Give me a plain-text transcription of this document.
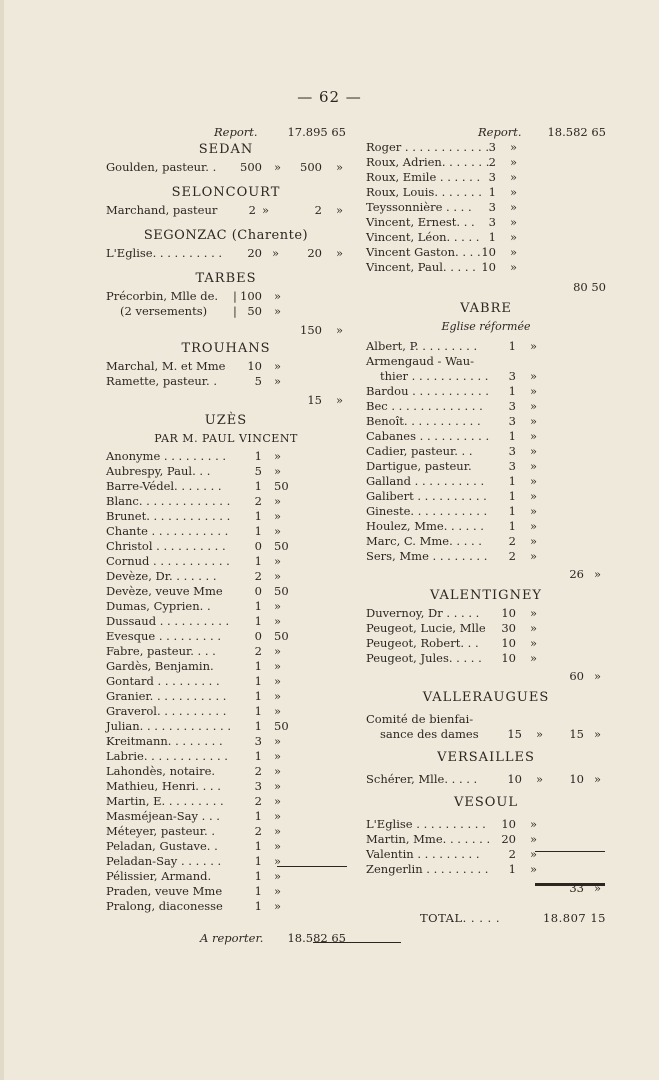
— 62 —
Report.	17.895 65
SEDAN
Goulden, pasteur. . 500 » 500 »
SELONCOURT
Marchand, pasteur	2 »	2 »
SEGONZAC (Charente)
L'Eglise. . . . . . . . . . 20 » 20 »
TARBES
Précorbin, Mlle de. | 100 »
(2 versements) | 50 »
150 »
TROUHANS
Marchal, M. et Mme 10 »
Ramette, pasteur. .	5 »
15 »
UZÈS
PAR M. PAUL VINCENT
Anonyme . . . . . . . . . 1 »
Aubrespy, Paul. . .	5 »
Barre-Védel. . . . . . .	1 50
Blanc. . . . . . . . . . . . . 2 »
Brunet. . . . . . . . . . . . 1 »
Chante . . . . . . . . . . . 1 »
Christol . . . . . . . . . .	0 50
Cornud . . . . . . . . . . . 1 »
Devèze, Dr. . . . . . .	2 »
Devèze, veuve Mme	0 50
Dumas, Cyprien. .	1 »
Dussaud . . . . . . . . . . 1 »
Evesque . . . . . . . . .	0 50
Fabre, pasteur. . . .	2 »
Gardès, Benjamin.	1 »
Gontard . . . . . . . . .	1 »
Granier. . . . . . . . . . . 1 »
Graverol. . . . . . . . . . 1 »
Julian. . . . . . . . . . . . . 1 50
Kreitmann. . . . . . . .	3 »
Labrie. . . . . . . . . . . . 1 »
Lahondès, notaire.	2 »
Mathieu, Henri. . . .	3 »
Martin, E. . . . . . . . .	2 »
Masméjean-Say . . .	1 »
Méteyer, pasteur. .	2 »
Peladan, Gustave. .	1 »
Peladan-Say . . . . . .	1 »
Pélissier, Armand.	1 »
Praden, veuve Mme	1 »
Pralong, diaconesse	1 »
A reporter. 18.582 65
Report. 18.582 65
Roger . . . . . . . . . . . . 3 »
Roux, Adrien. . . . . . . 2 »
Roux, Emile . . . . . . 3 »
Roux, Louis. . . . . . . 1 »
Teyssonnière . . . . 3 »
Vincent, Ernest. . . 3 »
Vincent, Léon. . . . . 1 »
Vincent Gaston. . . . 10 »
Vincent, Paul. . . . . 10 »
80 50
VABRE
Eglise réformée
Albert, P. . . . . . . . .	1 »
Armengaud - Wau-
thier . . . . . . . . . . . 3 »
Bardou . . . . . . . . . . . 1 »
Bec . . . . . . . . . . . . . 3 »
Benoît. . . . . . . . . . . 3 »
Cabanes . . . . . . . . . . 1 »
Cadier, pasteur. . .	3 »
Dartigue, pasteur.	3 »
Galland . . . . . . . . . . 1 »
Galibert . . . . . . . . . . 1 »
Gineste. . . . . . . . . . . 1 »
Houlez, Mme. . . . . . 1 »
Marc, C. Mme. . . . . 2 »
Sers, Mme . . . . . . . . 2 »
26 »
VALENTIGNEY
Duvernoy, Dr . . . . . 10 »
Peugeot, Lucie, Mlle 30 »
Peugeot, Robert. . . 10 »
Peugeot, Jules. . . . . 10 »
60 »
VALLERAUGUES
Comité de bienfai-
sance des dames 15 » 15 »
VERSAILLES
Schérer, Mlle. . . . .	10 » 10 »
VESOUL
L'Eglise . . . . . . . . . . 10 »
Martin, Mme. . . . . . . 20 »
Valentin . . . . . . . . .	2 »
Zengerlin . . . . . . . . . 1 »
33 »
TOTAL. . . . .	18.807 15
